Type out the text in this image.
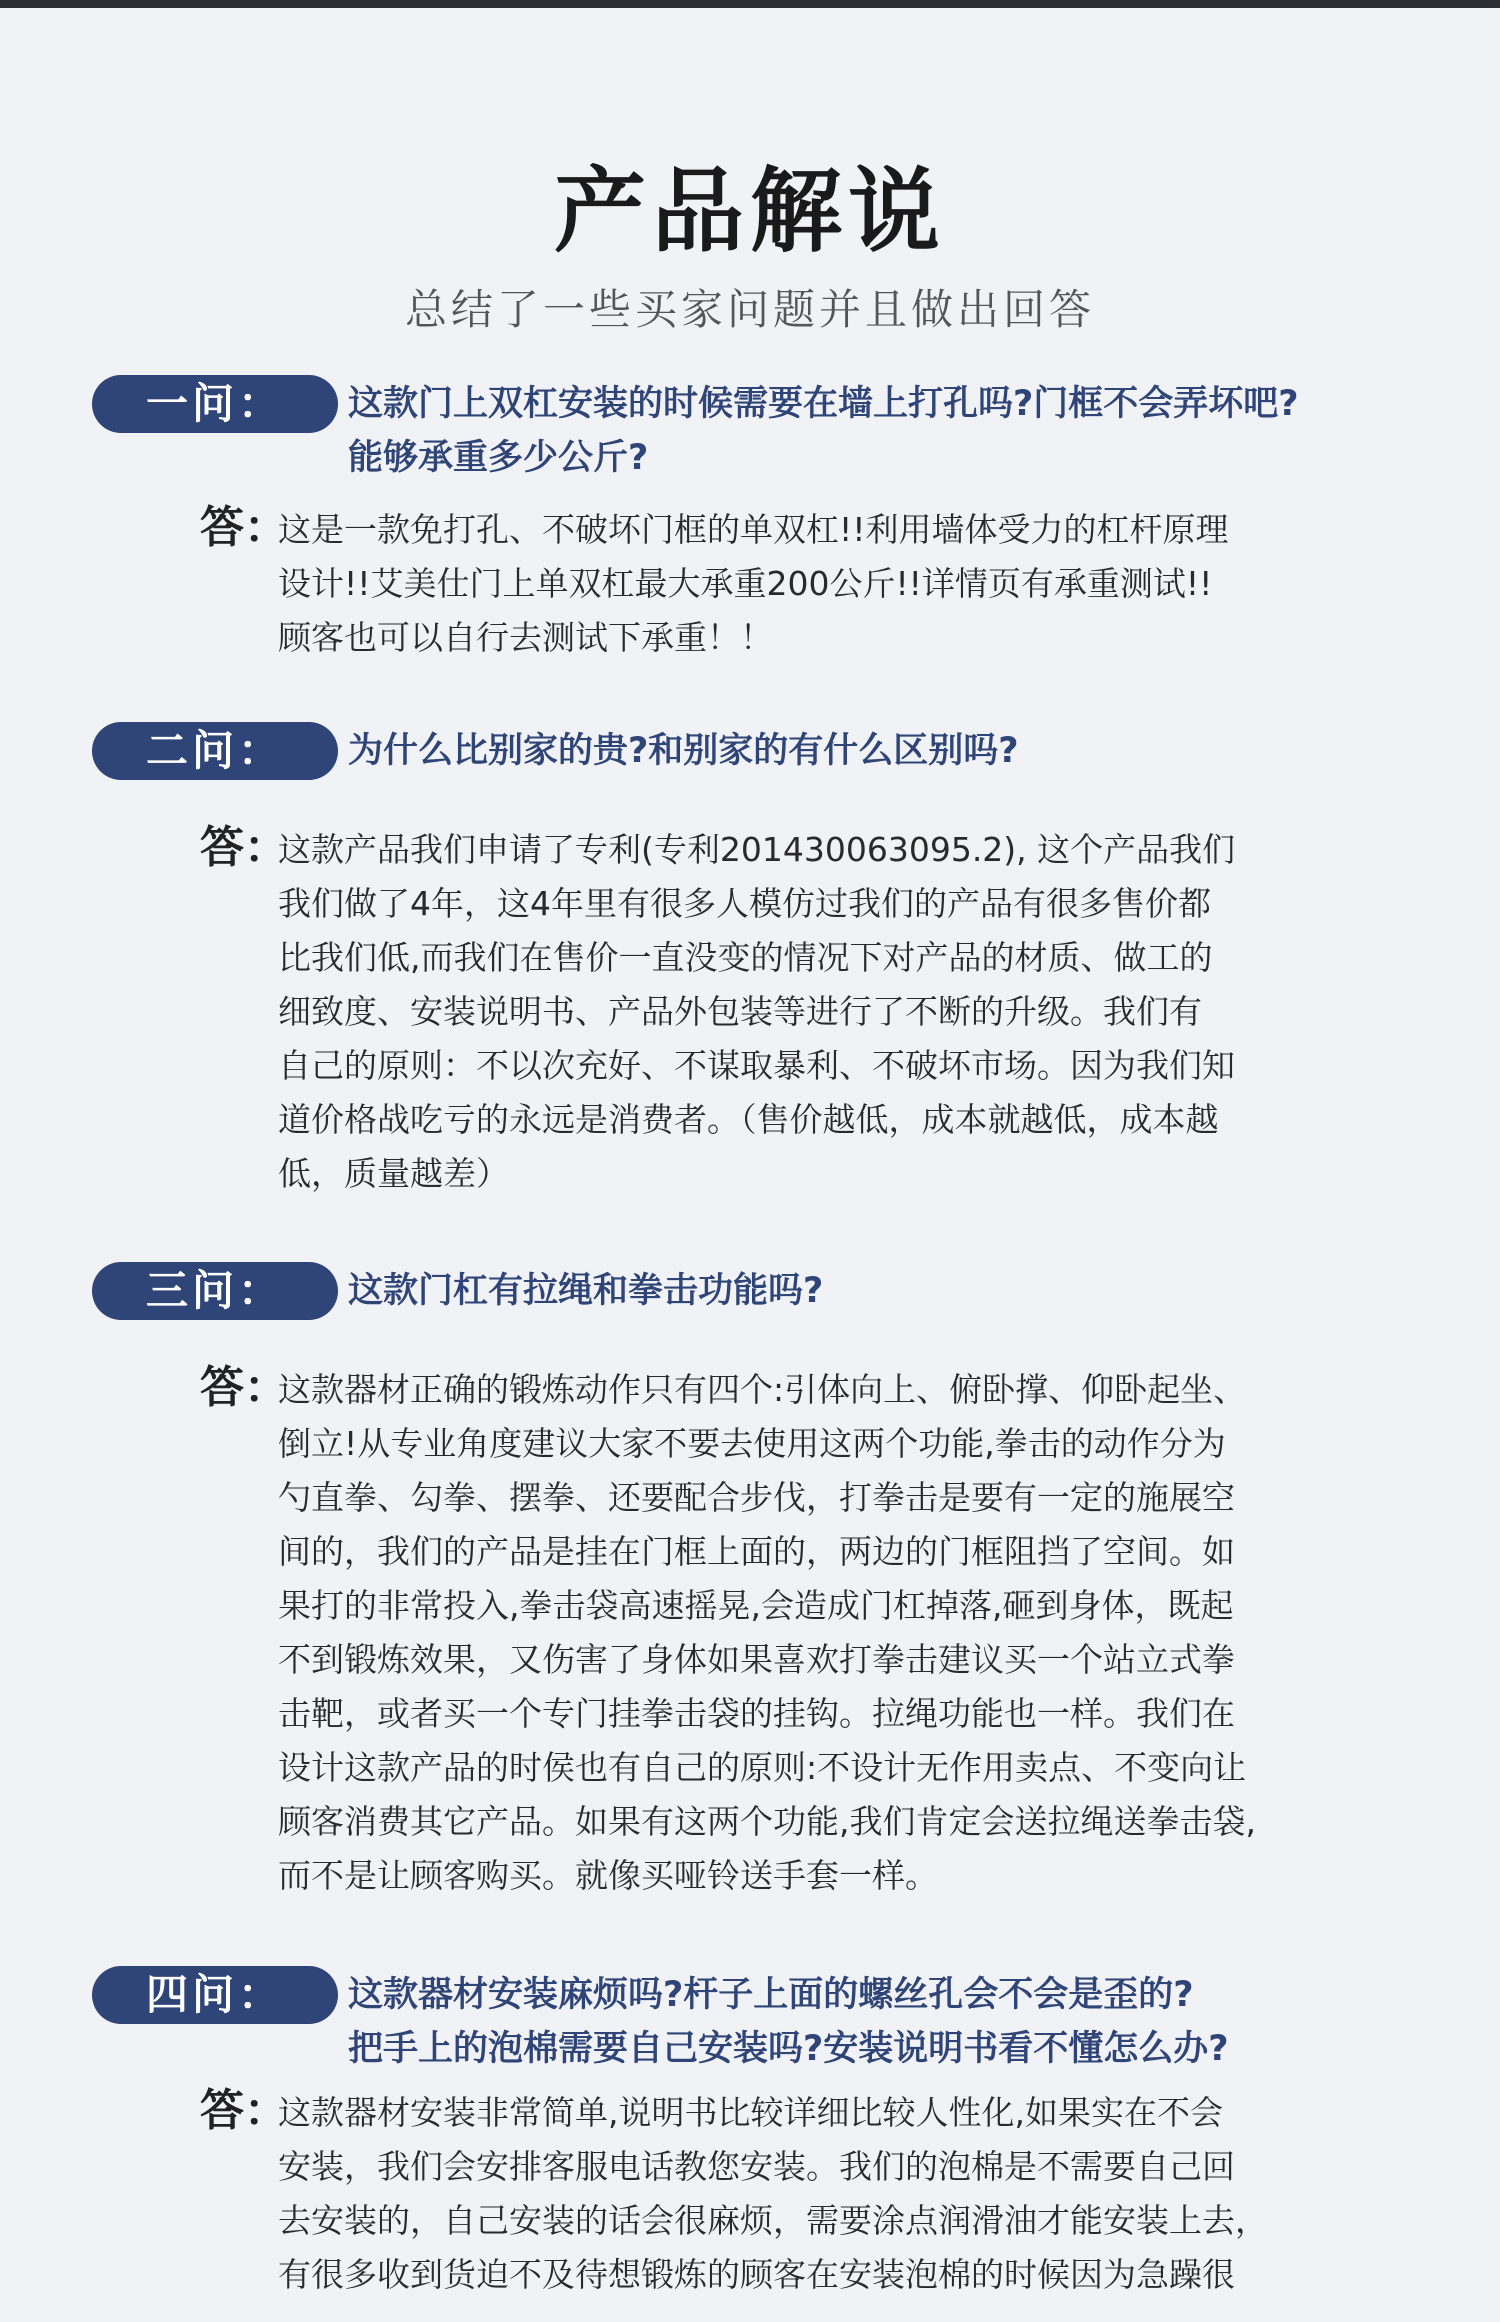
产品解说
总结了一些买家问题并且做出回答
一问：	这款门上双杠安装的时候需要在墙上打孔吗?门框不会弄坏吧?
能够承重多少公斤?
答：
这是一款免打孔、不破坏门框的单双杠!!利用墙体受力的杠杆原理
设计!!艾美仕门上单双杠最大承重200公斤!!详情页有承重测试!!
顾客也可以自行去测试下承重！！
二问：	为什么比别家的贵?和别家的有什么区别吗?
答：
这款产品我们申请了专利(专利201430063095.2), 这个产品我们
我们做了4年，这4年里有很多人模仿过我们的产品有很多售价都
比我们低,而我们在售价一直没变的情况下对产品的材质、做工的
细致度、安装说明书、产品外包装等进行了不断的升级。我们有
自己的原则：不以次充好、不谋取暴利、不破坏市场。因为我们知
道价格战吃亏的永远是消费者。（售价越低，成本就越低，成本越
低，质量越差）
三问：	这款门杠有拉绳和拳击功能吗?
答：
这款器材正确的锻炼动作只有四个:引体向上、俯卧撑、仰卧起坐、
倒立!从专业角度建议大家不要去使用这两个功能,拳击的动作分为
勺直拳、勾拳、摆拳、还要配合步伐，打拳击是要有一定的施展空
间的，我们的产品是挂在门框上面的，两边的门框阻挡了空间。如
果打的非常投入,拳击袋高速摇晃,会造成门杠掉落,砸到身体，既起
不到锻炼效果，又伤害了身体如果喜欢打拳击建议买一个站立式拳
击靶，或者买一个专门挂拳击袋的挂钩。拉绳功能也一样。我们在
设计这款产品的时侯也有自己的原则:不设计无作用卖点、不变向让
顾客消费其它产品。如果有这两个功能,我们肯定会送拉绳送拳击袋,
而不是让顾客购买。就像买哑铃送手套一样。
四问：	这款器材安装麻烦吗?杆子上面的螺丝孔会不会是歪的?
把手上的泡棉需要自己安装吗?安装说明书看不懂怎么办?
答：
这款器材安装非常简单,说明书比较详细比较人性化,如果实在不会
安装，我们会安排客服电话教您安装。我们的泡棉是不需要自己回
去安装的，自己安装的话会很麻烦，需要涂点润滑油才能安装上去，
有很多收到货迫不及待想锻炼的顾客在安装泡棉的时候因为急躁很
